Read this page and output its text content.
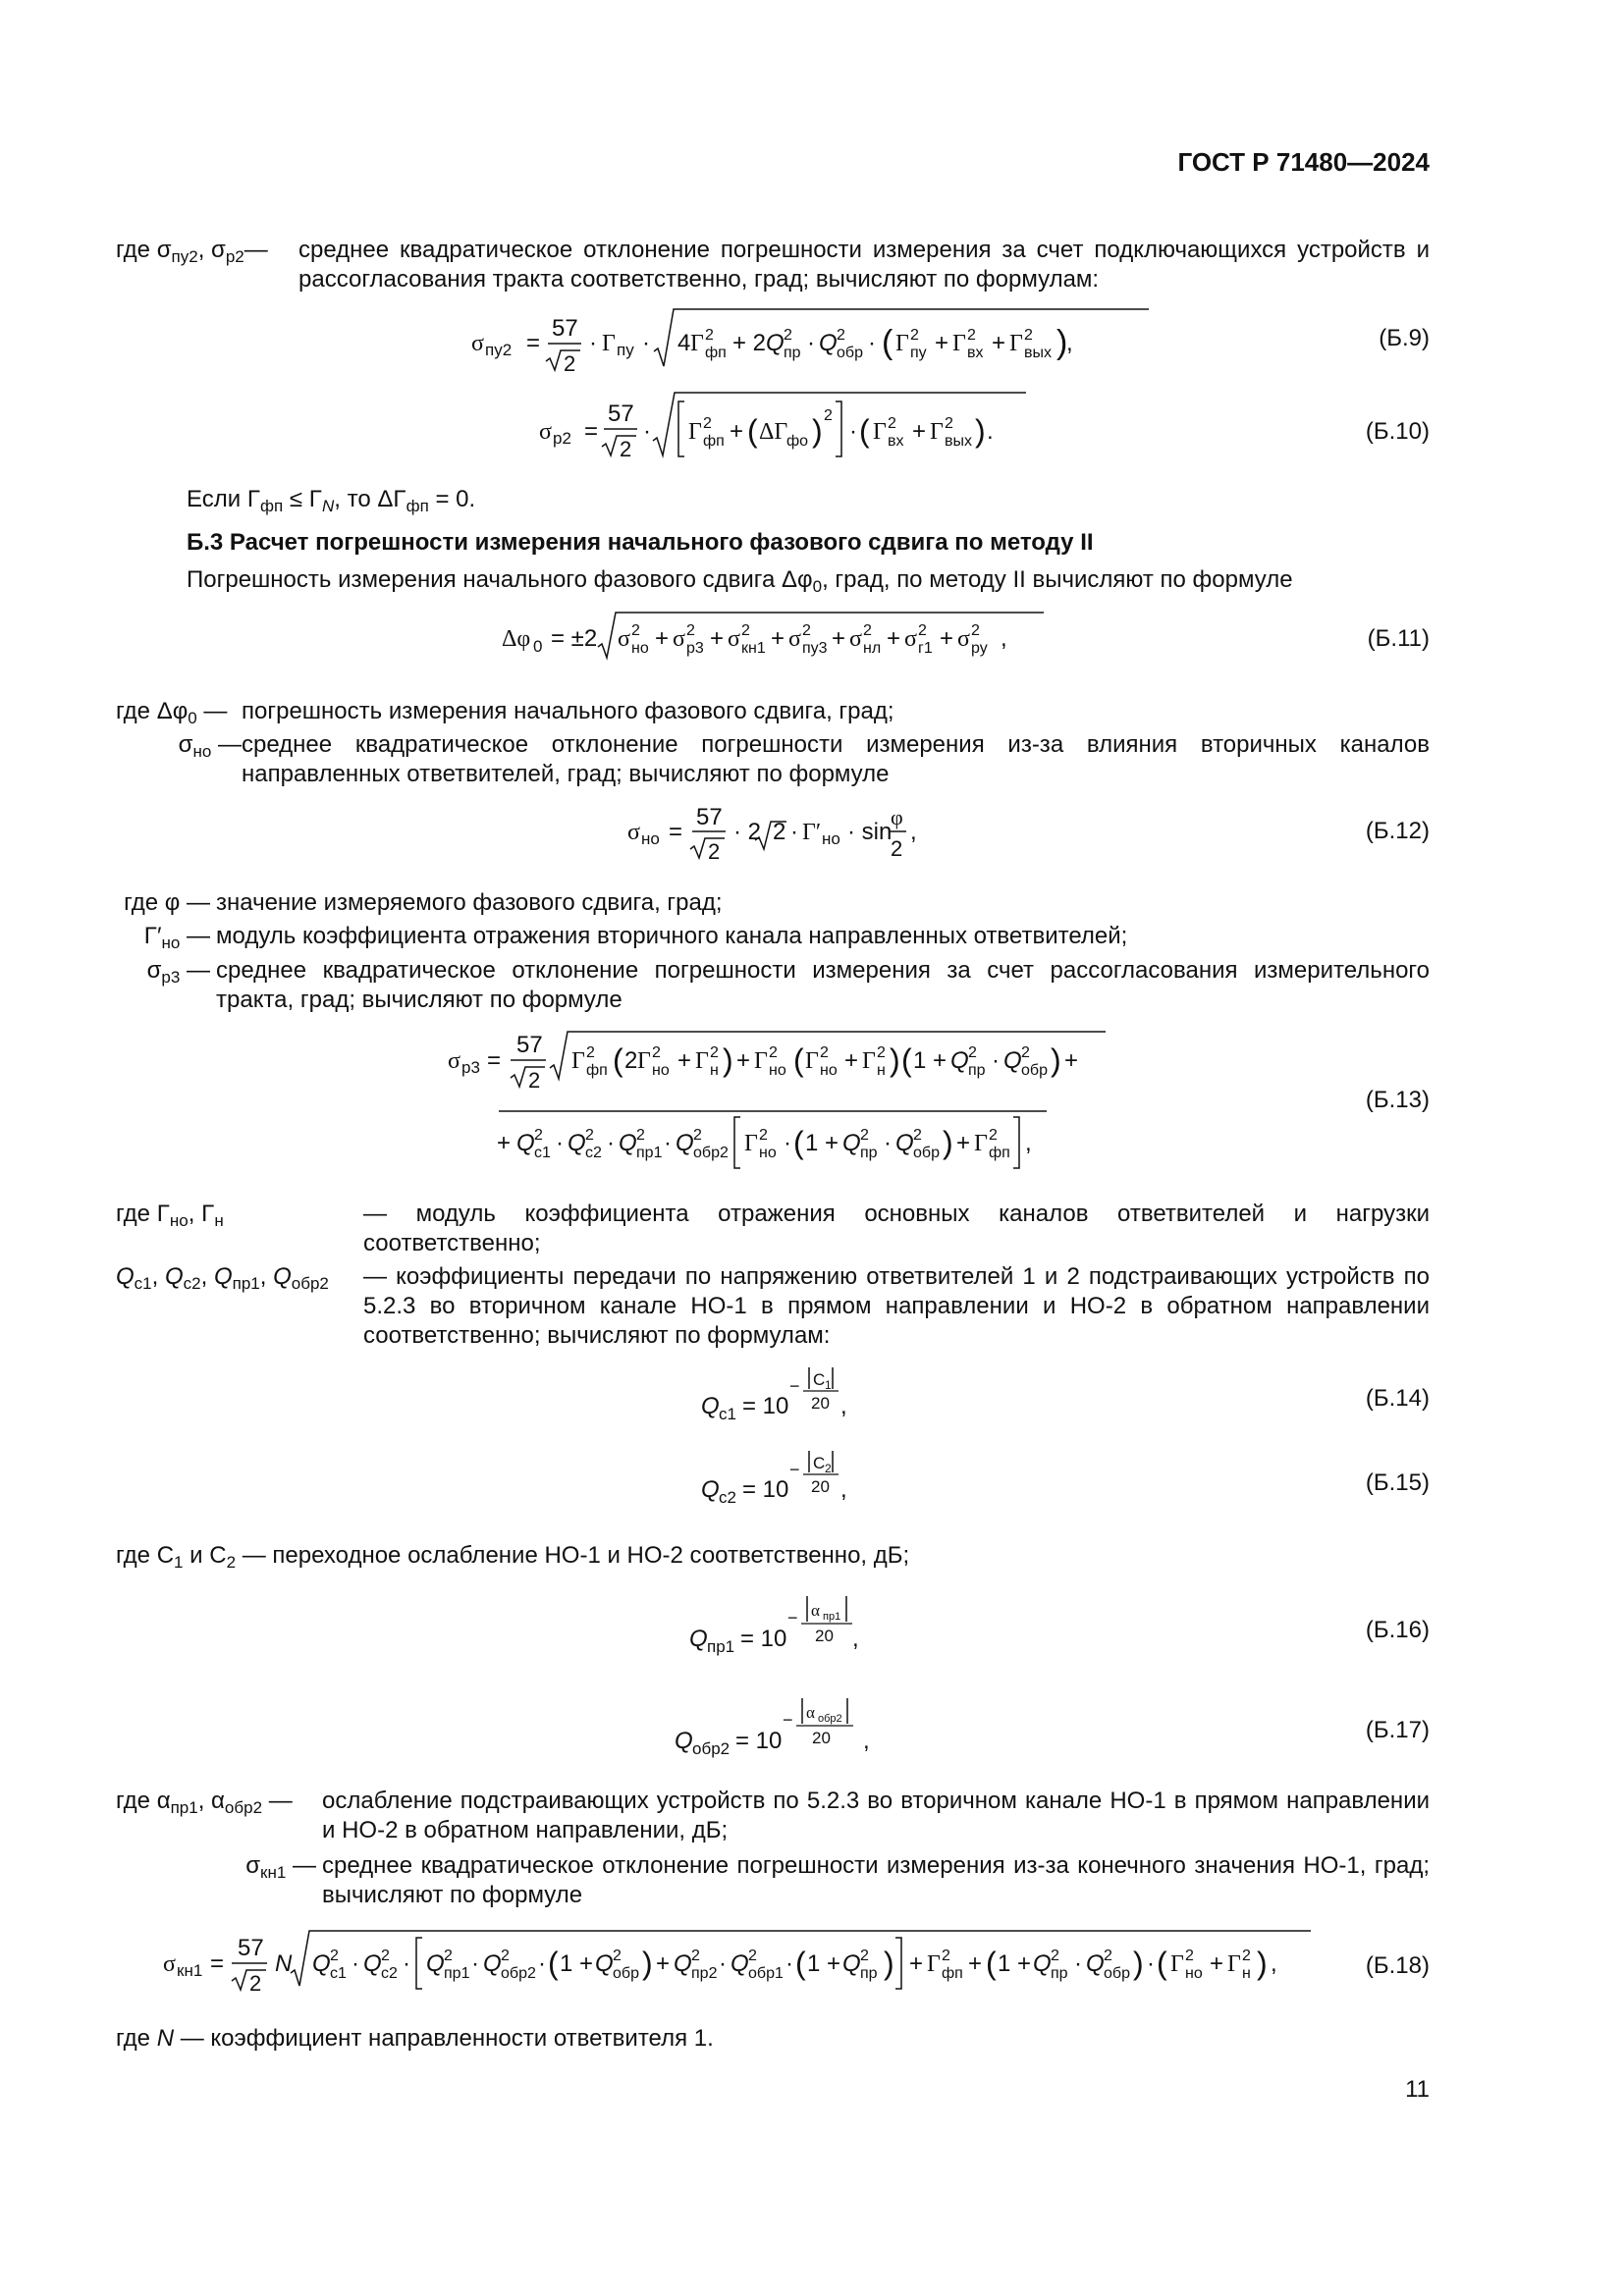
ГОСТ Р 71480—2024
где $\sigma_{пу2}$, $\sigma_{р2}—$ среднее квадратическое отклонение погрешности измерения за счет подключающихся устройств и рассогласования тракта соответственно, град; вычисляют по формулам:
σ пу2 =
57
2
· Γ пу · 4 Γ 2
фп + 2 Q 2
пр · Q 2
обр · ( Γ 2
пу + Γ 2
вх + Γ 2
вых )
,	(Б.9)
σ р2 =
57
2
· Γ 2
фп + ( ΔΓ
фо ) 2
· ( Γ 2
вх + Γ 2
вых ) .	(Б.10)
Если $\Gamma_{фп} \le \Gamma_N$, то $\Delta\Gamma_{фп} = 0$.
Б.3 Расчет погрешности измерения начального фазового сдвига по методу II
Погрешность измерения начального фазового сдвига $\Delta\varphi_0$, град, по методу II вычисляют по формуле
Δφ 0 = ±2 σ 2
но + σ 2
р3 + σ 2
кн1 + σ 2
пу3 + σ 2
нл + σ 2
г1 + σ 2
ру ,	(Б.11)
где $\Delta\varphi_0$ — погрешность измерения начального фазового сдвига, град;
$\sigma_{но}$ — среднее квадратическое отклонение погрешности измерения из-за влияния вторичных каналов направленных ответвителей, град; вычисляют по формуле
σ но =
57
2
· 2 2 · Γ′ но · sin
φ
2
,	(Б.12)
где φ — значение измеряемого фазового сдвига, град;
$\Gamma'_{но}$ — модуль коэффициента отражения вторичного канала направленных ответвителей;
$\sigma_{р3}$ — среднее квадратическое отклонение погрешности измерения за счет рассогласования измерительного тракта, град; вычисляют по формуле
σ р3 =
57
2
Γ 2
фп ( 2 Γ 2
но + Γ 2
н ) + Γ 2
но ( Γ 2
но + Γ 2
н ) ( 1 + Q 2
пр · Q 2
обр ) +
+ Q 2
с1 · Q 2
с2 · Q 2
пр1 · Q 2
обр2 Γ 2
но · ( 1 + Q 2
пр · Q 2
обр ) + Γ 2
фп ,
(Б.13)
где $\Gamma_{но}$, $\Gamma_н$	— модуль коэффициента отражения основных каналов ответвителей и нагрузки соответственно;
$Q_{с1}$, $Q_{с2}$, $Q_{пр1}$, $Q_{обр2}$ — коэффициенты передачи по напряжению ответвителей 1 и 2 подстраивающих устройств по 5.2.3 во вторичном канале НО-1 в прямом направлении и НО-2 в обратном направлении соответственно; вычисляют по формулам:
Q с1 = 10
− C 1
20 ,	(Б.14)
Q с2 = 10
− C 2
20 ,	(Б.15)
где $С_1$ и $С_2$ — переходное ослабление НО-1 и НО-2 соответственно, дБ;
Q пр1 = 10
− α пр1
20 ,	(Б.16)
Q обр2 = 10
− α обр2
20 ,	(Б.17)
где $\alpha_{пр1}$, $\alpha_{обр2}$ — ослабление подстраивающих устройств по 5.2.3 во вторичном канале НО-1 в прямом направлении и НО-2 в обратном направлении, дБ;
$\sigma_{кн1}$ — среднее квадратическое отклонение погрешности измерения из-за конечного значения НО-1, град; вычисляют по формуле
σ кн1 =
57
2
N Q 2
с1 · Q 2
с2 · Q 2
пр1 · Q 2
обр2 · ( 1 + Q 2
обр ) + Q 2
пр2 · Q 2
обр1 · ( 1 + Q 2
пр ) + Γ 2
фп + ( 1 + Q 2
пр · Q 2
обр ) · ( Γ 2
но + Γ 2
н ) ,	(Б.18)
где N — коэффициент направленности ответвителя 1.
11
